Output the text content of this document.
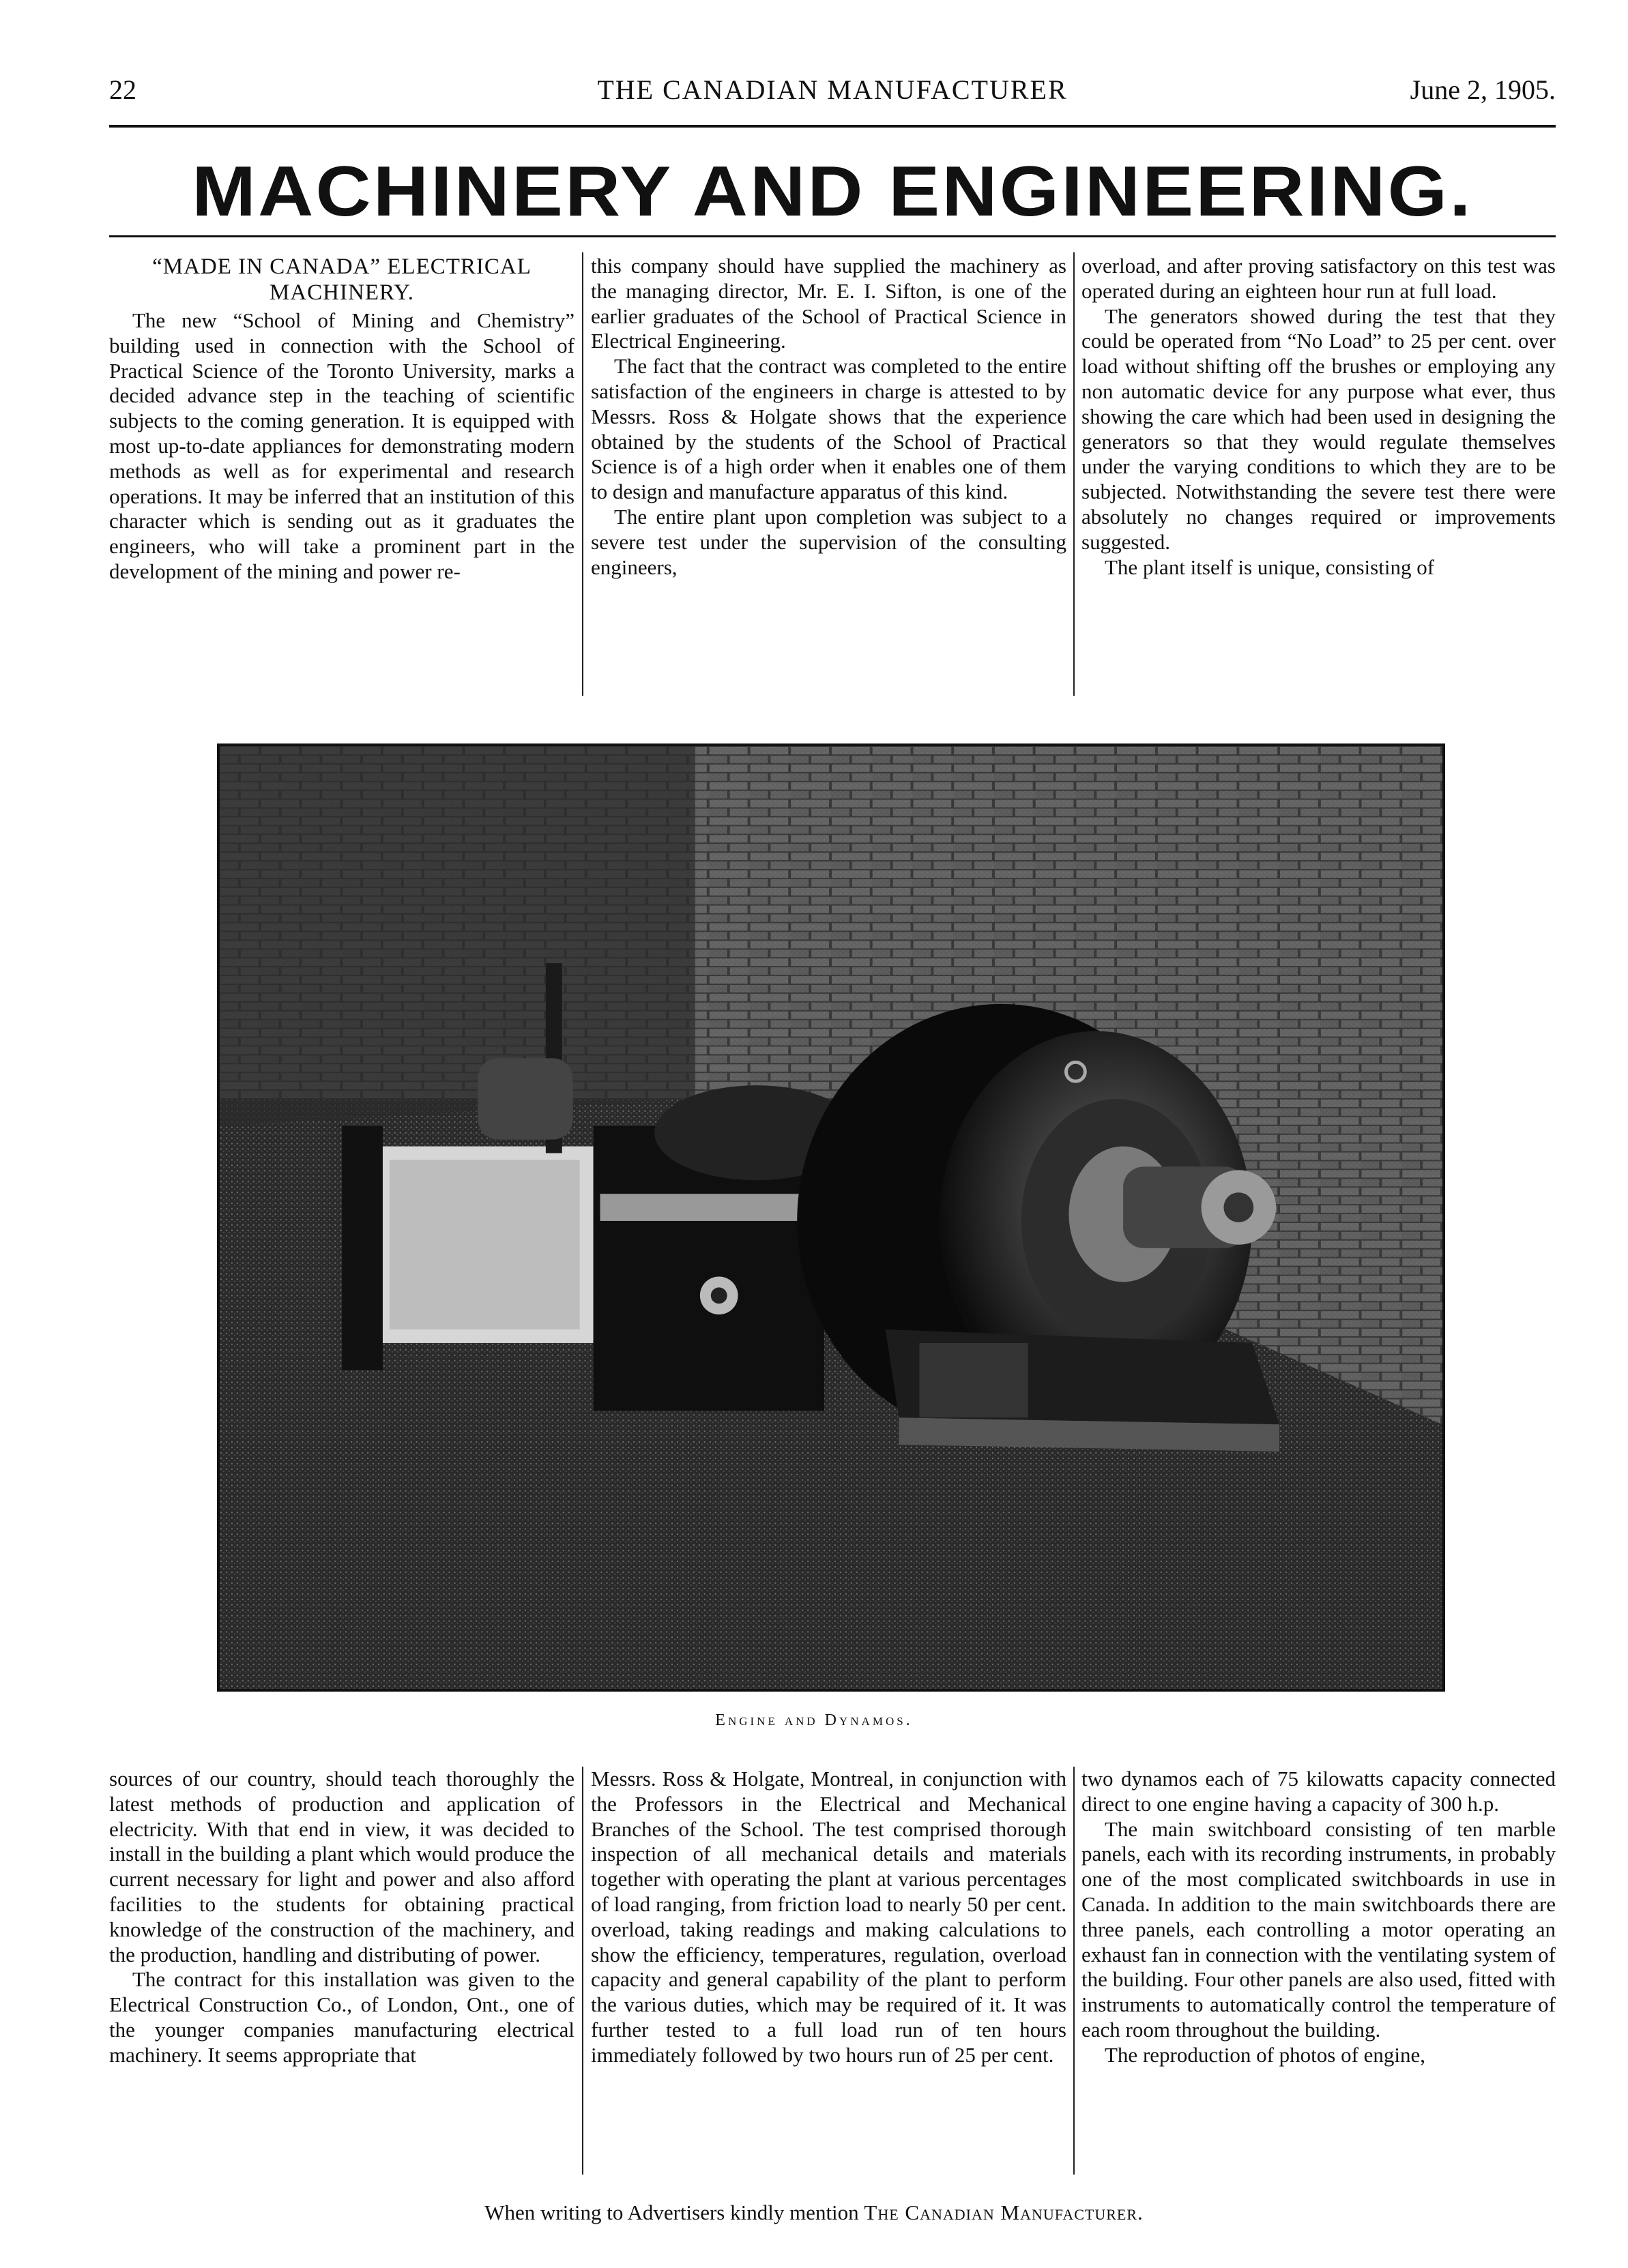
22	THE CANADIAN MANUFACTURER	June 2, 1905.
MACHINERY AND ENGINEERING.
“MADE IN CANADA” ELECTRICAL MACHINERY.

The new “School of Mining and Chemistry” building used in connection with the School of Practical Science of the Toronto University, marks a decided advance step in the teaching of scientific subjects to the coming generation. It is equipped with most up-to-date appliances for demonstrating modern methods as well as for experimental and research operations. It may be inferred that an institution of this character which is sending out as it graduates the engineers, who will take a prominent part in the development of the mining and power re-

this company should have supplied the machinery as the managing director, Mr. E. I. Sifton, is one of the earlier graduates of the School of Practical Science in Electrical Engineering.

The fact that the contract was completed to the entire satisfaction of the engineers in charge is attested to by Messrs. Ross & Holgate shows that the experience obtained by the students of the School of Practical Science is of a high order when it enables one of them to design and manufacture apparatus of this kind.

The entire plant upon completion was subject to a severe test under the supervision of the consulting engineers,

overload, and after proving satisfactory on this test was operated during an eighteen hour run at full load.

The generators showed during the test that they could be operated from “No Load” to 25 per cent. over load without shifting off the brushes or employing any non automatic device for any purpose what ever, thus showing the care which had been used in designing the generators so that they would regulate themselves under the varying conditions to which they are to be subjected. Notwithstanding the severe test there were absolutely no changes required or improvements suggested.

The plant itself is unique, consisting of

Engine and Dynamos.

sources of our country, should teach thoroughly the latest methods of production and application of electricity. With that end in view, it was decided to install in the building a plant which would produce the current necessary for light and power and also afford facilities to the students for obtaining practical knowledge of the construction of the machinery, and the production, handling and distributing of power.

The contract for this installation was given to the Electrical Construction Co., of London, Ont., one of the younger companies manufacturing electrical machinery. It seems appropriate that

Messrs. Ross & Holgate, Montreal, in conjunction with the Professors in the Electrical and Mechanical Branches of the School. The test comprised thorough inspection of all mechanical details and materials together with operating the plant at various percentages of load ranging, from friction load to nearly 50 per cent. overload, taking readings and making calculations to show the efficiency, temperatures, regulation, overload capacity and general capability of the plant to perform the various duties, which may be required of it. It was further tested to a full load run of ten hours immediately followed by two hours run of 25 per cent.

two dynamos each of 75 kilowatts capacity connected direct to one engine having a capacity of 300 h.p.

The main switchboard consisting of ten marble panels, each with its recording instruments, in probably one of the most complicated switchboards in use in Canada. In addition to the main switchboards there are three panels, each controlling a motor operating an exhaust fan in connection with the ventilating system of the building. Four other panels are also used, fitted with instruments to automatically control the temperature of each room throughout the building.

The reproduction of photos of engine,

When writing to Advertisers kindly mention The Canadian Manufacturer.
